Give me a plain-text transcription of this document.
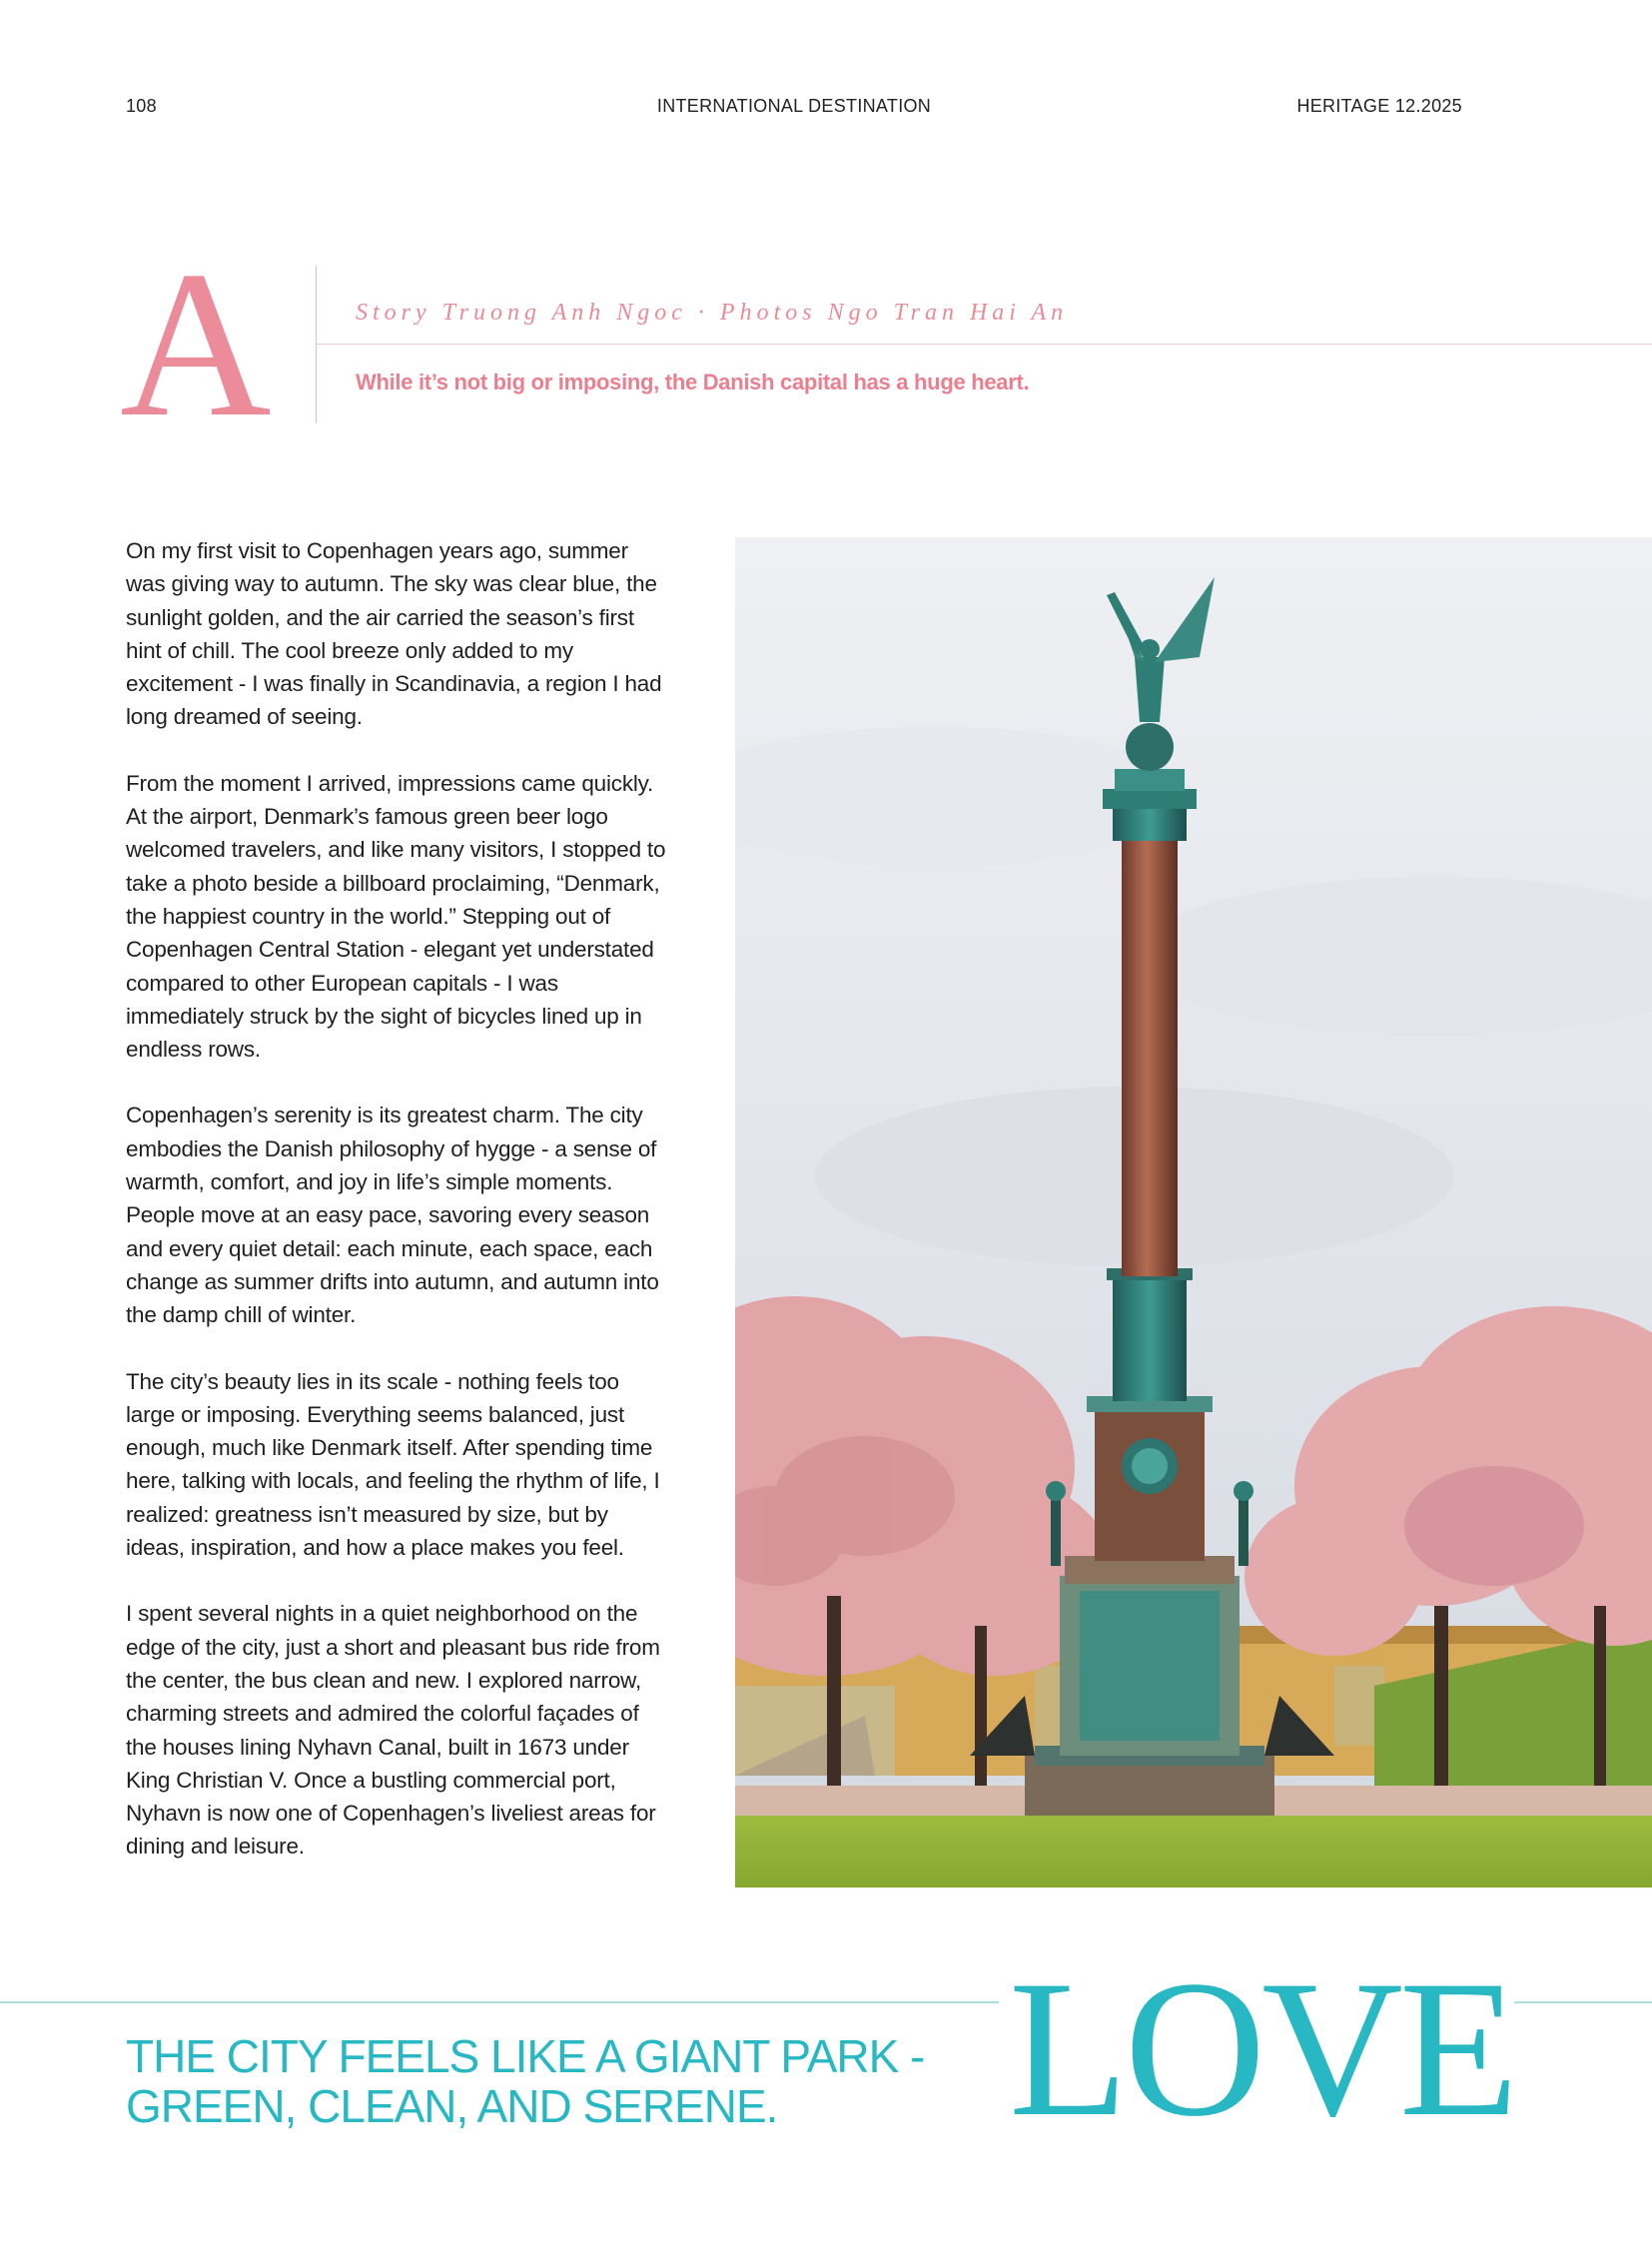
108	INTERNATIONAL DESTINATION	HERITAGE 12.2025
A	Story Truong Anh Ngoc · Photos Ngo Tran Hai An
While it’s not big or imposing, the Danish capital has a huge heart.

On my first visit to Copenhagen years ago, summer was giving way to autumn. The sky was clear blue, the sunlight golden, and the air carried the season’s first hint of chill. The cool breeze only added to my excitement - I was finally in Scandinavia, a region I had long dreamed of seeing.

From the moment I arrived, impressions came quickly. At the airport, Denmark’s famous green beer logo welcomed travelers, and like many visitors, I stopped to take a photo beside a billboard proclaiming, “Denmark, the happiest country in the world.” Stepping out of Copenhagen Central Station - elegant yet understated compared to other European capitals - I was immediately struck by the sight of bicycles lined up in endless rows.

Copenhagen’s serenity is its greatest charm. The city embodies the Danish philosophy of hygge - a sense of warmth, comfort, and joy in life’s simple moments. People move at an easy pace, savoring every season and every quiet detail: each minute, each space, each change as summer drifts into autumn, and autumn into the damp chill of winter.

The city’s beauty lies in its scale - nothing feels too large or imposing. Everything seems balanced, just enough, much like Denmark itself. After spending time here, talking with locals, and feeling the rhythm of life, I realized: greatness isn’t measured by size, but by ideas, inspiration, and how a place makes you feel.

I spent several nights in a quiet neighborhood on the edge of the city, just a short and pleasant bus ride from the center, the bus clean and new. I explored narrow, charming streets and admired the colorful façades of the houses lining Nyhavn Canal, built in 1673 under King Christian V. Once a bustling commercial port, Nyhavn is now one of Copenhagen’s liveliest areas for dining and leisure.

THE CITY FEELS LIKE A GIANT PARK - GREEN, CLEAN, AND SERENE.	LOVE
